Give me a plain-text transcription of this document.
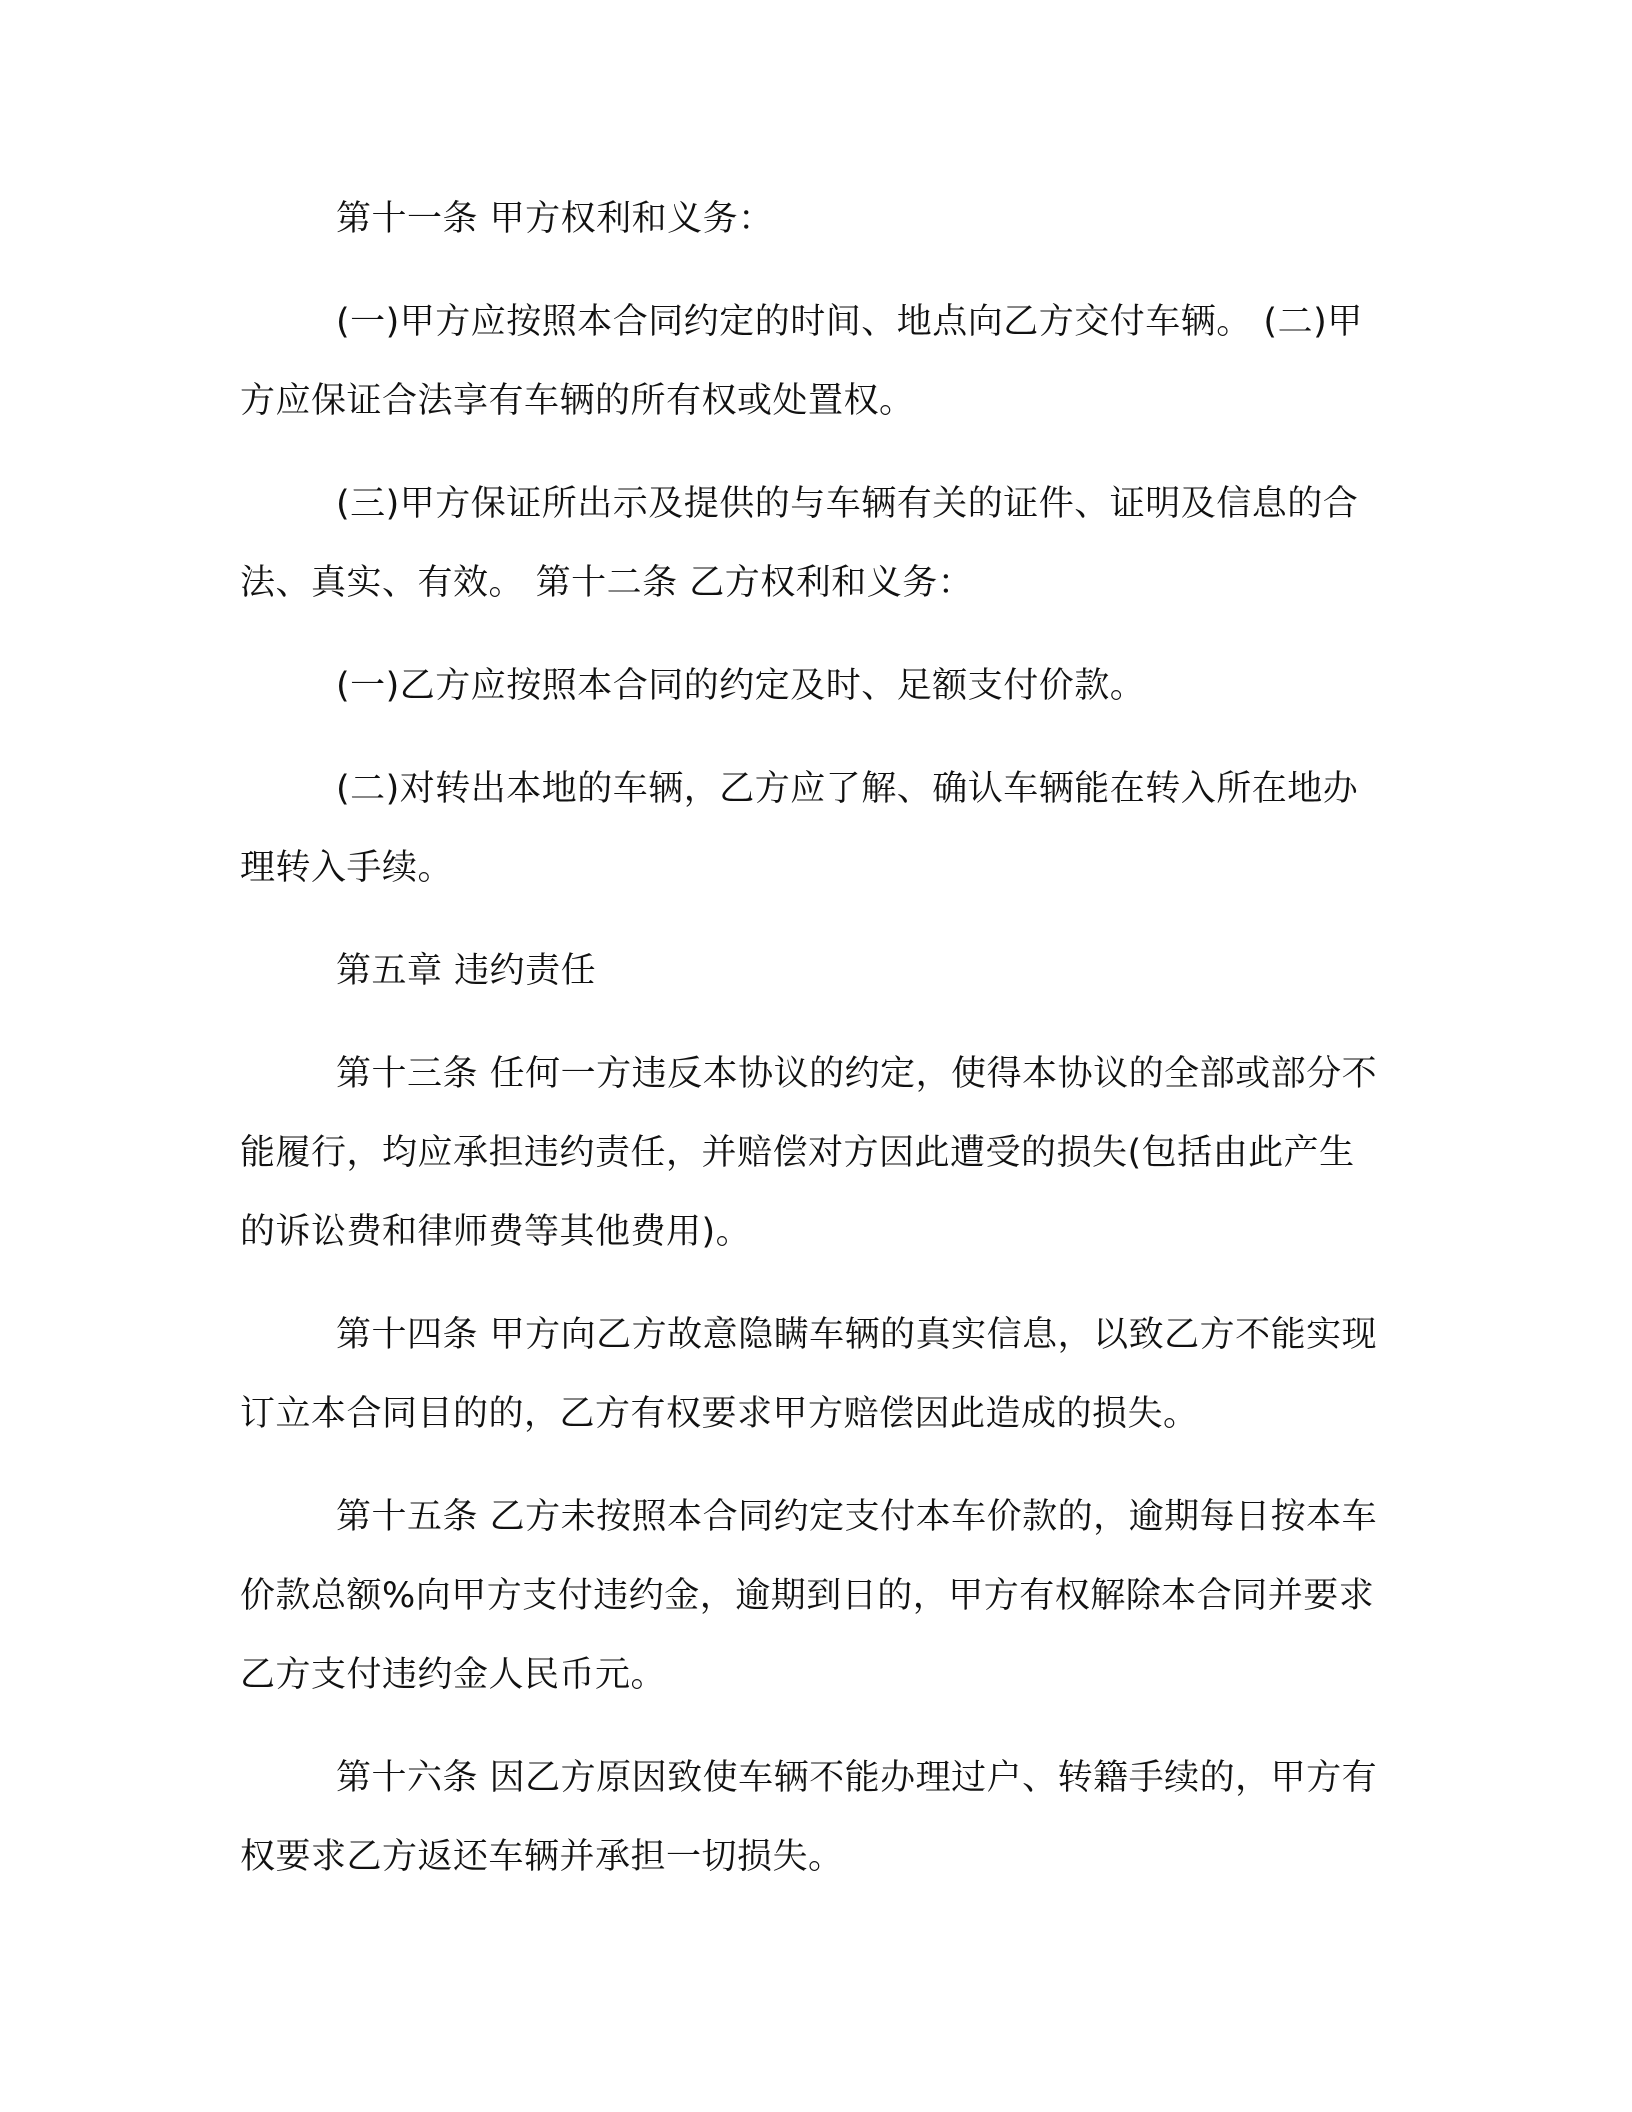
第十一条 甲方权利和义务：

(一)甲方应按照本合同约定的时间、地点向乙方交付车辆。 (二)甲方应保证合法享有车辆的所有权或处置权。

(三)甲方保证所出示及提供的与车辆有关的证件、证明及信息的合法、真实、有效。 第十二条 乙方权利和义务：

(一)乙方应按照本合同的约定及时、足额支付价款。

(二)对转出本地的车辆，乙方应了解、确认车辆能在转入所在地办理转入手续。

第五章 违约责任

第十三条 任何一方违反本协议的约定，使得本协议的全部或部分不能履行，均应承担违约责任，并赔偿对方因此遭受的损失(包括由此产生的诉讼费和律师费等其他费用)。

第十四条 甲方向乙方故意隐瞒车辆的真实信息，以致乙方不能实现订立本合同目的的，乙方有权要求甲方赔偿因此造成的损失。

第十五条 乙方未按照本合同约定支付本车价款的，逾期每日按本车价款总额%向甲方支付违约金，逾期到日的，甲方有权解除本合同并要求乙方支付违约金人民币元。

第十六条 因乙方原因致使车辆不能办理过户、转籍手续的，甲方有权要求乙方返还车辆并承担一切损失。
